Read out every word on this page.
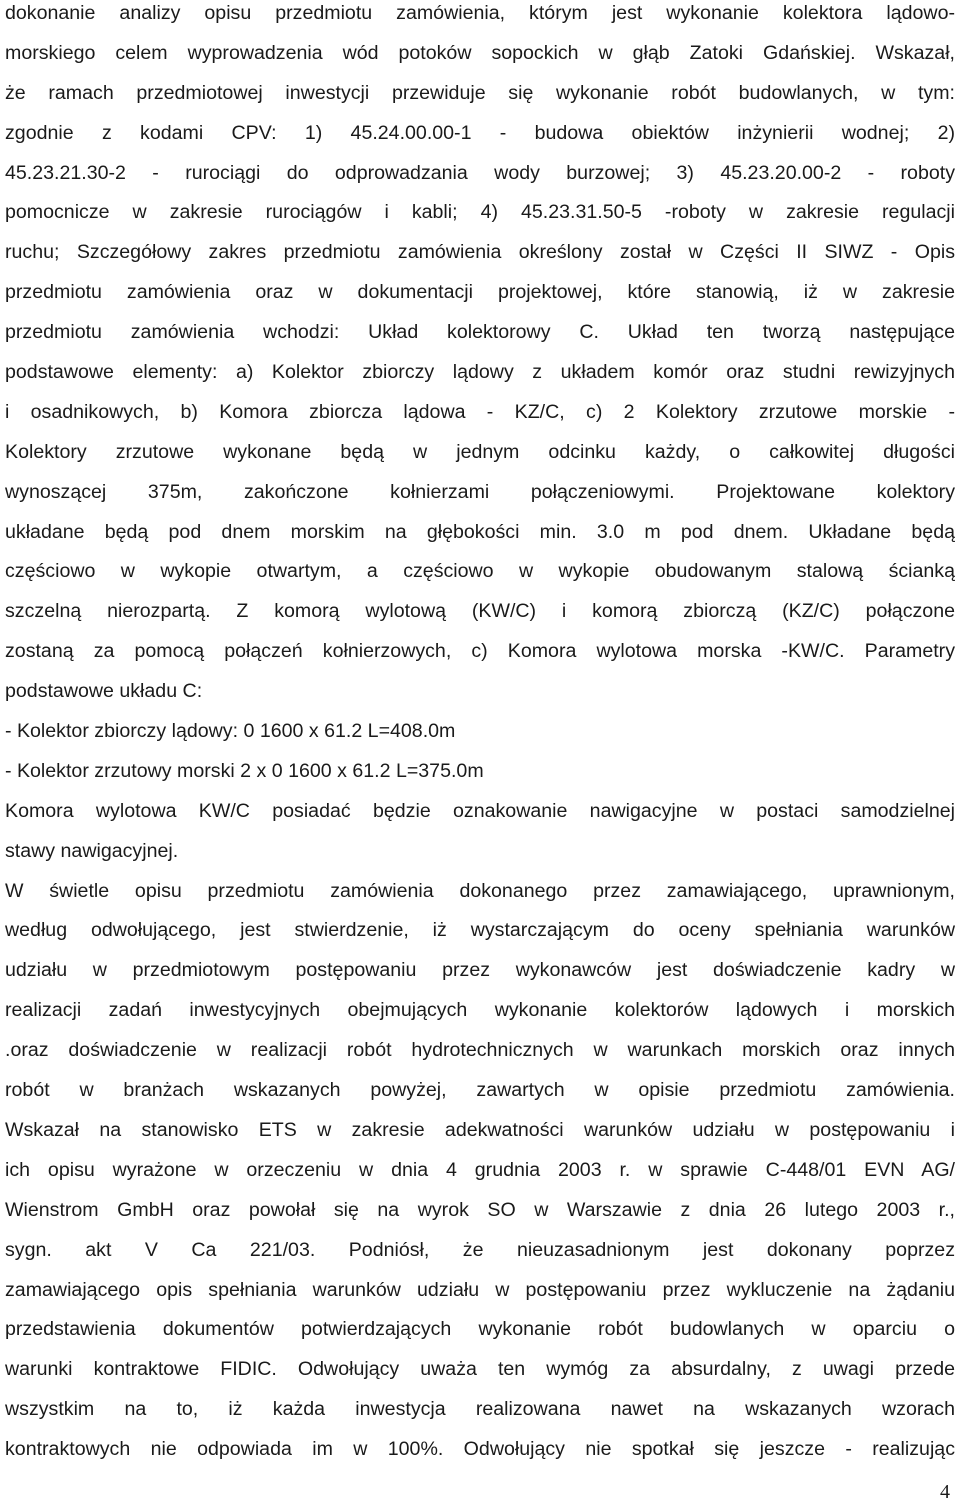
dokonanie analizy opisu przedmiotu zamówienia, którym jest wykonanie kolektora lądowo-
morskiego celem wyprowadzenia wód potoków sopockich w głąb Zatoki Gdańskiej. Wskazał,
że ramach przedmiotowej inwestycji przewiduje się wykonanie robót budowlanych, w tym:
zgodnie z kodami CPV: 1) 45.24.00.00-1 - budowa obiektów inżynierii wodnej; 2)
45.23.21.30-2 - rurociągi do odprowadzania wody burzowej; 3) 45.23.20.00-2 - roboty
pomocnicze w zakresie rurociągów i kabli; 4) 45.23.31.50-5 -roboty w zakresie regulacji
ruchu; Szczegółowy zakres przedmiotu zamówienia określony został w Części II SIWZ - Opis
przedmiotu zamówienia oraz w dokumentacji projektowej, które stanowią, iż w zakresie
przedmiotu zamówienia wchodzi: Układ kolektorowy C. Układ ten tworzą następujące
podstawowe elementy: a) Kolektor zbiorczy lądowy z układem komór oraz studni rewizyjnych
i osadnikowych, b) Komora zbiorcza lądowa - KZ/C, c) 2 Kolektory zrzutowe morskie -
Kolektory zrzutowe wykonane będą w jednym odcinku każdy, o całkowitej długości
wynoszącej 375m, zakończone kołnierzami połączeniowymi. Projektowane kolektory
układane będą pod dnem morskim na głębokości min. 3.0 m pod dnem. Układane będą
częściowo w wykopie otwartym, a częściowo w wykopie obudowanym stalową ścianką
szczelną nierozpartą. Z komorą wylotową (KW/C) i komorą zbiorczą (KZ/C) połączone
zostaną za pomocą połączeń kołnierzowych, c) Komora wylotowa morska -KW/C. Parametry
podstawowe układu C:
- Kolektor zbiorczy lądowy: 0 1600 x 61.2 L=408.0m
- Kolektor zrzutowy morski 2 x 0 1600 x 61.2 L=375.0m
Komora wylotowa KW/C posiadać będzie oznakowanie nawigacyjne w postaci samodzielnej
stawy nawigacyjnej.
W świetle opisu przedmiotu zamówienia dokonanego przez zamawiającego, uprawnionym,
według odwołującego, jest stwierdzenie, iż wystarczającym do oceny spełniania warunków
udziału w przedmiotowym postępowaniu przez wykonawców jest doświadczenie kadry w
realizacji zadań inwestycyjnych obejmujących wykonanie kolektorów lądowych i morskich
.oraz doświadczenie w realizacji robót hydrotechnicznych w warunkach morskich oraz innych
robót w branżach wskazanych powyżej, zawartych w opisie przedmiotu zamówienia.
Wskazał na stanowisko ETS w zakresie adekwatności warunków udziału w postępowaniu i
ich opisu wyrażone w orzeczeniu w dnia 4 grudnia 2003 r. w sprawie C-448/01 EVN AG/
Wienstrom GmbH oraz powołał się na wyrok SO w Warszawie z dnia 26 lutego 2003 r.,
sygn. akt V Ca 221/03. Podniósł, że nieuzasadnionym jest dokonany poprzez
zamawiającego opis spełniania warunków udziału w postępowaniu przez wykluczenie na żądaniu
przedstawienia dokumentów potwierdzających wykonanie robót budowlanych w oparciu o
warunki kontraktowe FIDIC. Odwołujący uważa ten wymóg za absurdalny, z uwagi przede
wszystkim na to, iż każda inwestycja realizowana nawet na wskazanych wzorach
kontraktowych nie odpowiada im w 100%. Odwołujący nie spotkał się jeszcze - realizując
4
